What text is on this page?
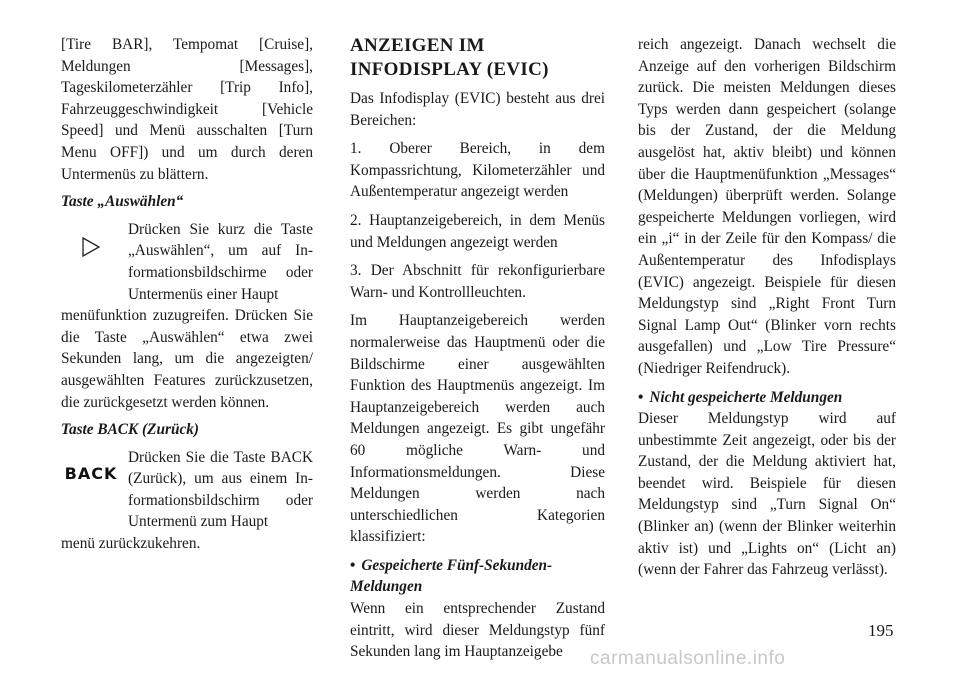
[Tire BAR], Tempomat [Cruise], Meldungen [Messages], Tageskilometerzähler [Trip Info], Fahrzeuggeschwindigkeit [Vehicle Speed] und Menü ausschalten [Turn Menu OFF]) und um durch deren Untermenüs zu blättern.

Taste „Auswählen“

Drücken Sie kurz die Taste „Auswählen“, um auf Informationsbildschirme oder Untermenüs einer Haupt

menüfunktion zuzugreifen. Drücken Sie die Taste „Auswählen“ etwa zwei Sekunden lang, um die angezeigten/ ausgewählten Features zurückzusetzen, die zurückgesetzt werden können.

Taste BACK (Zurück)

BACK

Drücken Sie die Taste BACK (Zurück), um aus einem Informationsbildschirm oder Untermenü zum Haupt

menü zurückzukehren.

ANZEIGEN IM
INFODISPLAY (EVIC)

Das Infodisplay (EVIC) besteht aus drei Bereichen:

1. Oberer Bereich, in dem Kompassrichtung, Kilometerzähler und Außentemperatur angezeigt werden

2. Hauptanzeigebereich, in dem Menüs und Meldungen angezeigt werden

3. Der Abschnitt für rekonfigurierbare Warn- und Kontrollleuchten.

Im Hauptanzeigebereich werden normalerweise das Hauptmenü oder die Bildschirme einer ausgewählten Funktion des Hauptmenüs angezeigt. Im Hauptanzeigebereich werden auch Meldungen angezeigt. Es gibt ungefähr 60 mögliche Warn- und Informationsmeldungen. Diese Meldungen werden nach unterschiedlichen Kategorien klassifiziert:

• Gespeicherte Fünf-Sekunden-Meldungen

Wenn ein entsprechender Zustand eintritt, wird dieser Meldungstyp fünf Sekunden lang im Hauptanzeigebe

reich angezeigt. Danach wechselt die Anzeige auf den vorherigen Bildschirm zurück. Die meisten Meldungen dieses Typs werden dann gespeichert (solange bis der Zustand, der die Meldung ausgelöst hat, aktiv bleibt) und können über die Hauptmenüfunktion „Messages“ (Meldungen) überprüft werden. Solange gespeicherte Meldungen vorliegen, wird ein „i“ in der Zeile für den Kompass/ die Außentemperatur des Infodisplays (EVIC) angezeigt. Beispiele für diesen Meldungstyp sind „Right Front Turn Signal Lamp Out“ (Blinker vorn rechts ausgefallen) und „Low Tire Pressure“ (Niedriger Reifendruck).

• Nicht gespeicherte Meldungen

Dieser Meldungstyp wird auf unbestimmte Zeit angezeigt, oder bis der Zustand, der die Meldung aktiviert hat, beendet wird. Beispiele für diesen Meldungstyp sind „Turn Signal On“ (Blinker an) (wenn der Blinker weiterhin aktiv ist) und „Lights on“ (Licht an) (wenn der Fahrer das Fahrzeug verlässt).

195
carmanualsonline.info
